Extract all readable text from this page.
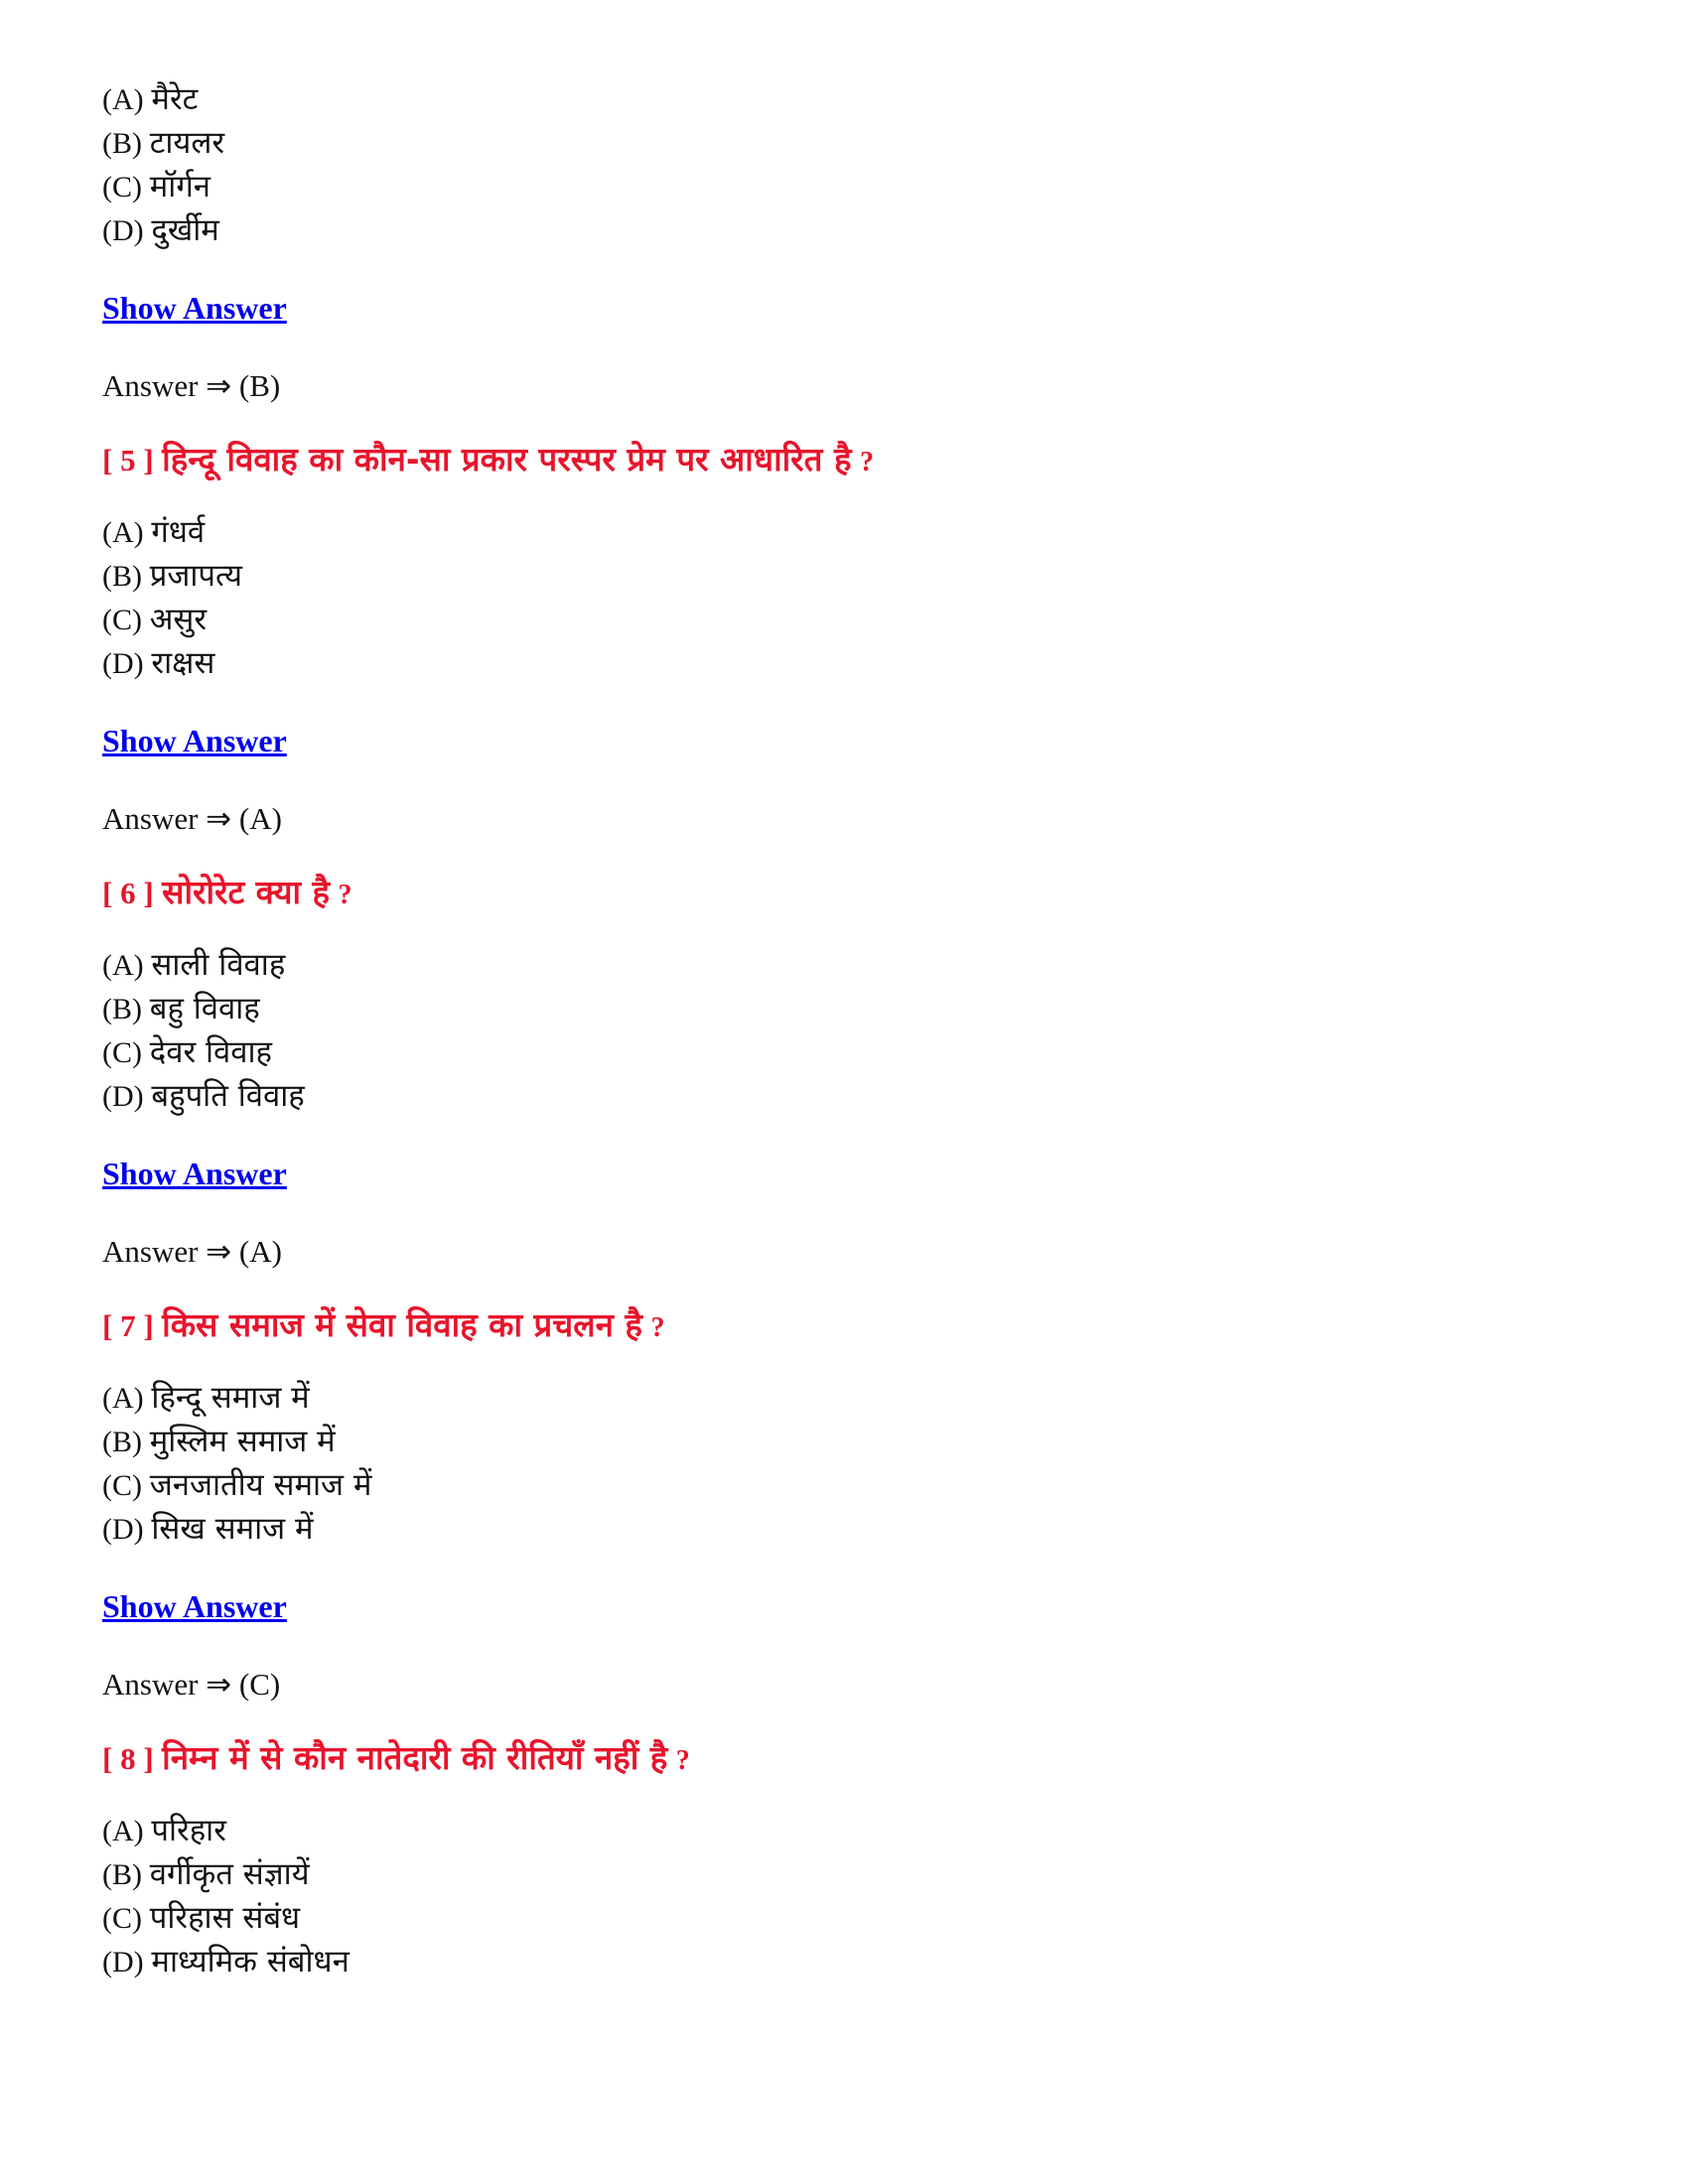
(A) मैरेट
(B) टायलर
(C) मॉर्गन
(D) दुर्खीम
Show Answer
Answer ⇒ (B)
[ 5 ] हिन्दू विवाह का कौन-सा प्रकार परस्पर प्रेम पर आधारित है ?
(A) गंधर्व
(B) प्रजापत्य
(C) असुर
(D) राक्षस
Show Answer
Answer ⇒ (A)
[ 6 ] सोरोरेट क्या है ?
(A) साली विवाह
(B) बहु विवाह
(C) देवर विवाह
(D) बहुपति विवाह
Show Answer
Answer ⇒ (A)
[ 7 ] किस समाज में सेवा विवाह का प्रचलन है ?
(A) हिन्दू समाज में
(B) मुस्लिम समाज में
(C) जनजातीय समाज में
(D) सिख समाज में
Show Answer
Answer ⇒ (C)
[ 8 ] निम्न में से कौन नातेदारी की रीतियाँ नहीं है ?
(A) परिहार
(B) वर्गीकृत संज्ञायें
(C) परिहास संबंध
(D) माध्यमिक संबोधन
